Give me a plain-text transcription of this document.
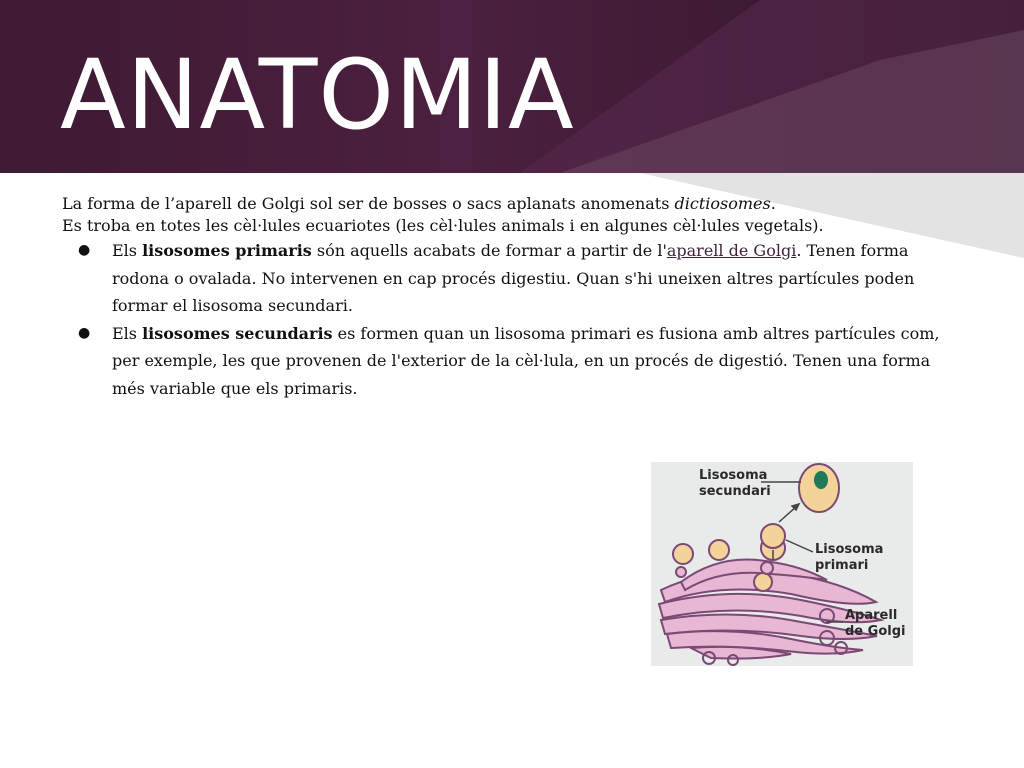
ANATOMIA

La forma de l’aparell de Golgi sol ser de bosses o sacs aplanats anomenats dictiosomes.

Es troba en totes les cèl·lules ecuariotes (les cèl·lules animals i en algunes cèl·lules vegetals).

● Els lisosomes primaris són aquells acabats de formar a partir de l'aparell de Golgi. Tenen forma rodona o ovalada. No intervenen en cap procés digestiu. Quan s'hi uneixen altres partícules poden formar el lisosoma secundari.
● Els lisosomes secundaris es formen quan un lisosoma primari es fusiona amb altres partícules com, per exemple, les que provenen de l'exterior de la cèl·lula, en un procés de digestió. Tenen una forma més variable que els primaris.
Lisosoma
secundari
Lisosoma
primari
Aparell
de Golgi
